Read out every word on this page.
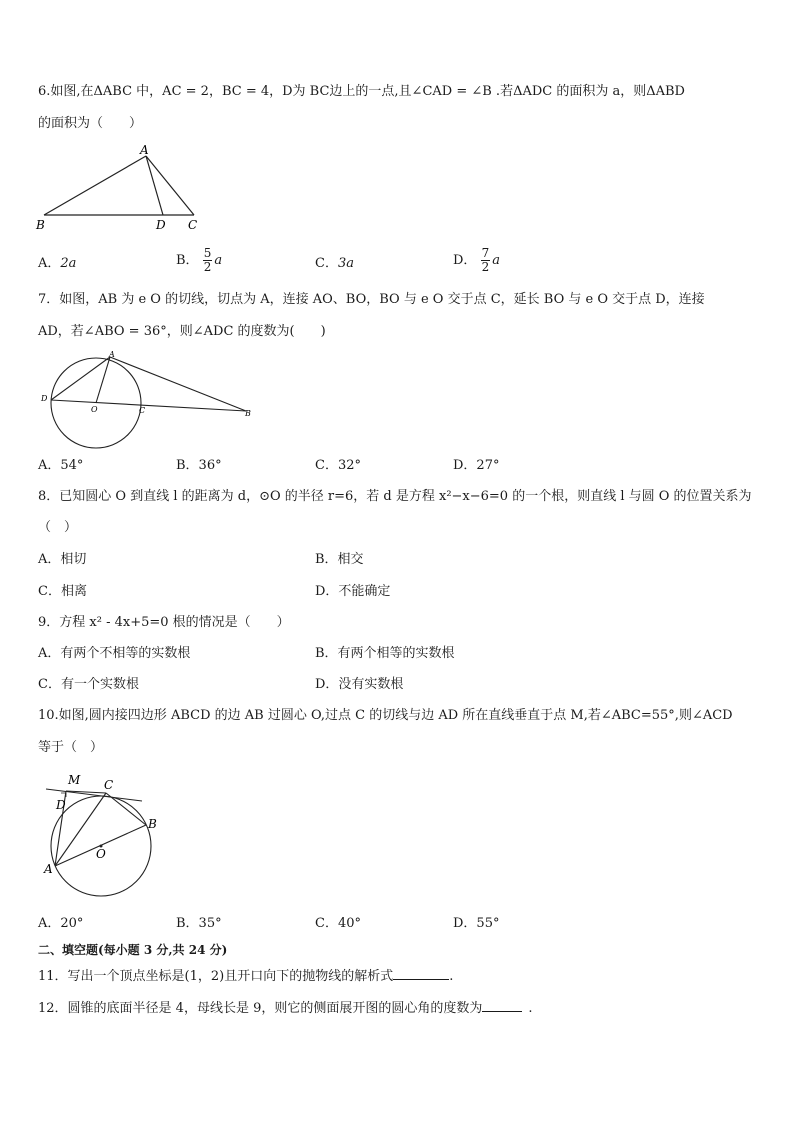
6.如图,在ΔABC 中，AC = 2，BC = 4，D为 BC边上的一点,且∠CAD = ∠B .若ΔADC 的面积为 a，则ΔABD
的面积为（　　）
A
B	D C
A．2a	B． $\frac{5}{2}$ a	C．3a	D． $\frac{7}{2}$ a
7．如图，AB 为 e O 的切线，切点为 A，连接 AO、BO，BO 与 e O 交于点 C，延长 BO 与 e O 交于点 D，连接
AD，若∠ABO = 36°，则∠ADC 的度数为(　　)
A
D
O	C	B
A．54°	B．36°	C．32°	D．27°
8．已知圆心 O 到直线 l 的距离为 d，⊙O 的半径 r=6，若 d 是方程 x²−x−6=0 的一个根，则直线 l 与圆 O 的位置关系为
（　）
A．相切	B．相交
C．相离	D．不能确定
9．方程 x² - 4x+5=0 根的情况是（　　）
A．有两个不相等的实数根	B．有两个相等的实数根
C．有一个实数根	D．没有实数根
10.如图,圆内接四边形 ABCD 的边 AB 过圆心 O,过点 C 的切线与边 AD 所在直线垂直于点 M,若∠ABC=55°,则∠ACD
等于（　）
M C
D
B
O
A
A．20°	B．35°	C．40°	D．55°
二、填空题(每小题 3 分,共 24 分)
11．写出一个顶点坐标是(1，2)且开口向下的抛物线的解析式	.
12．圆锥的底面半径是 4，母线长是 9，则它的侧面展开图的圆心角的度数为	.
